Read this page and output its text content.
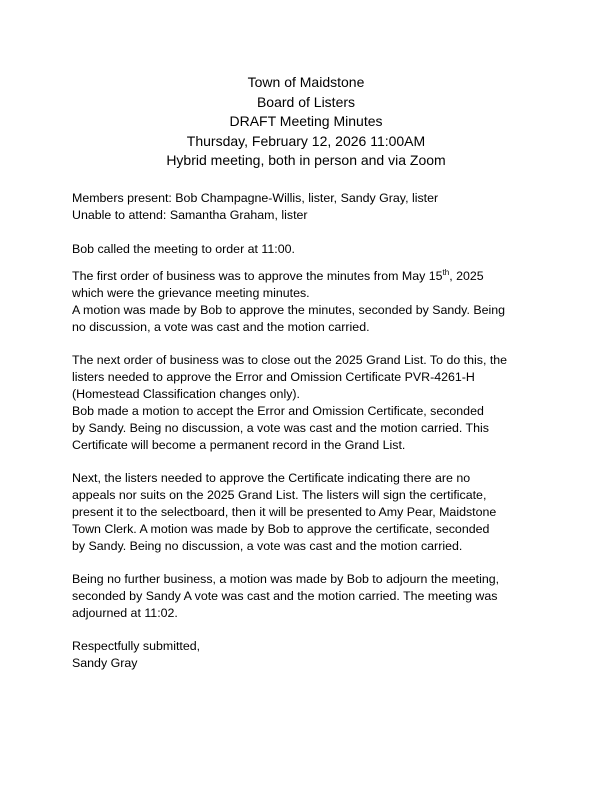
Town of Maidstone
Board of Listers
DRAFT Meeting Minutes
Thursday, February 12, 2026 11:00AM
Hybrid meeting, both in person and via Zoom

Members present: Bob Champagne-Willis, lister, Sandy Gray, lister

Unable to attend: Samantha Graham, lister

Bob called the meeting to order at 11:00.

The first order of business was to approve the minutes from May 15th, 2025

which were the grievance meeting minutes.

A motion was made by Bob to approve the minutes, seconded by Sandy. Being

no discussion, a vote was cast and the motion carried.

The next order of business was to close out the 2025 Grand List. To do this, the

listers needed to approve the Error and Omission Certificate PVR-4261-H

(Homestead Classification changes only).

Bob made a motion to accept the Error and Omission Certificate, seconded

by Sandy. Being no discussion, a vote was cast and the motion carried. This

Certificate will become a permanent record in the Grand List.

Next, the listers needed to approve the Certificate indicating there are no

appeals nor suits on the 2025 Grand List. The listers will sign the certificate,

present it to the selectboard, then it will be presented to Amy Pear, Maidstone

Town Clerk. A motion was made by Bob to approve the certificate, seconded

by Sandy. Being no discussion, a vote was cast and the motion carried.

Being no further business, a motion was made by Bob to adjourn the meeting,

seconded by Sandy A vote was cast and the motion carried. The meeting was

adjourned at 11:02.

Respectfully submitted,

Sandy Gray
